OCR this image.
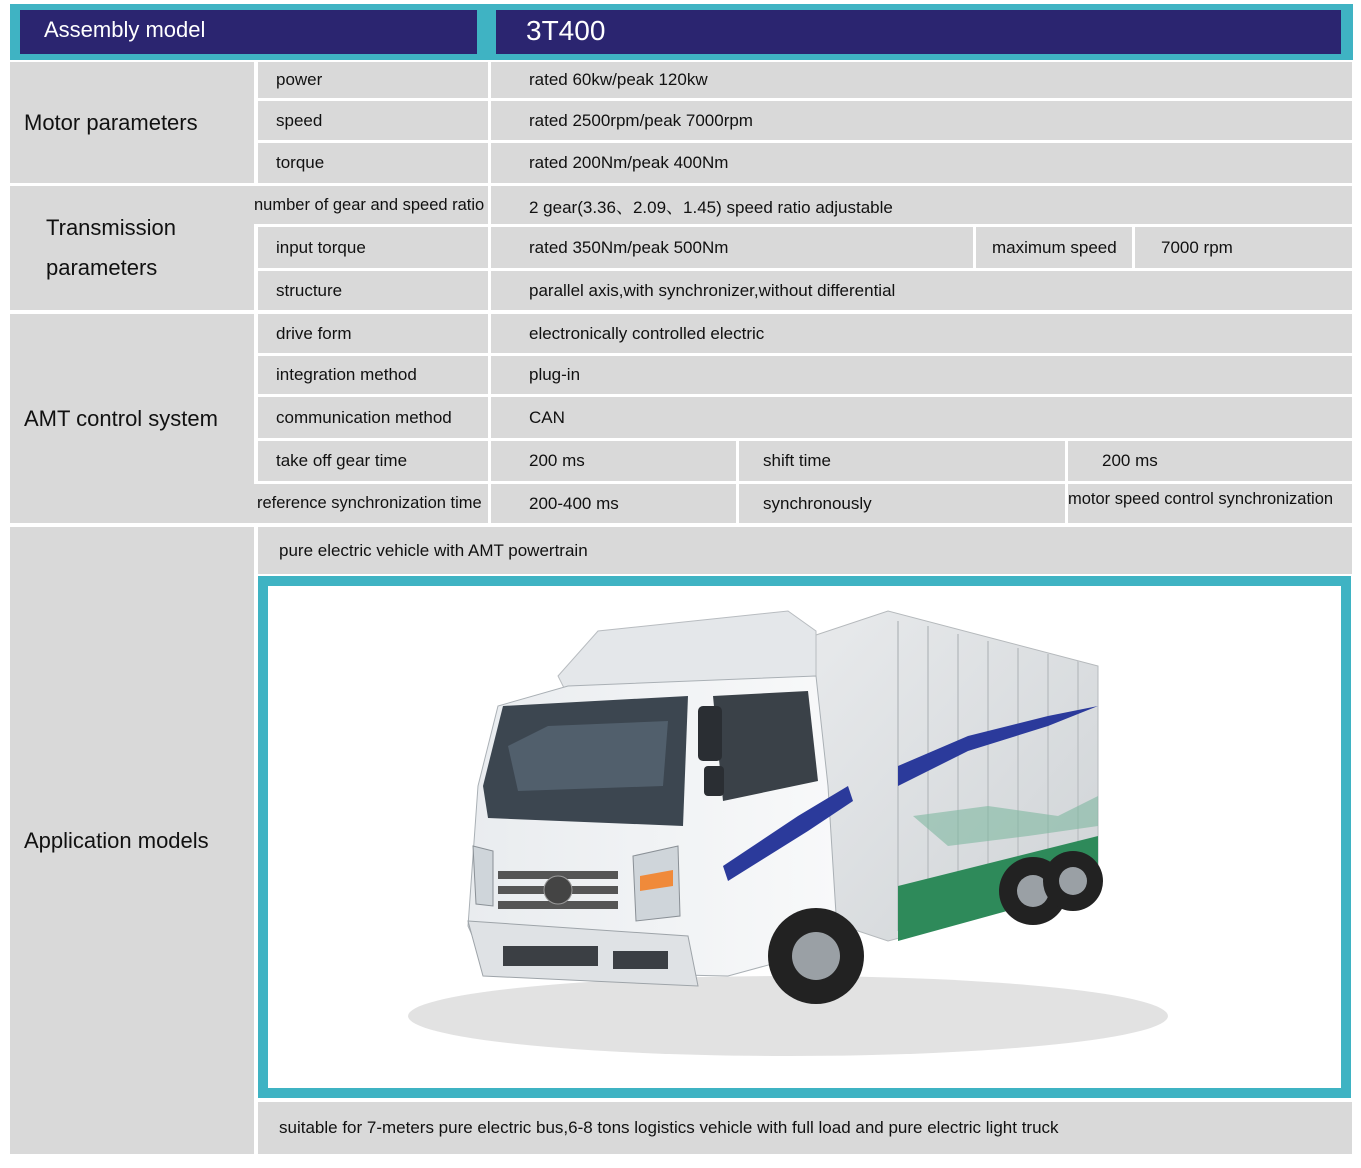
Assembly model	3T400
Motor parameters
power	rated 60kw/peak 120kw
speed	rated 2500rpm/peak 7000rpm
torque	rated 200Nm/peak 400Nm
Transmission
parameters
number of gear and speed ratio	2 gear(3.36、2.09、1.45) speed ratio adjustable
input torque	rated 350Nm/peak 500Nm	maximum speed	7000 rpm
structure	parallel axis,with synchronizer,without differential
AMT control system
drive form	electronically controlled electric
integration method	plug-in
communication method	CAN
take off gear time	200 ms	shift time	200 ms
reference synchronization time	200-400 ms	synchronously	motor speed control synchronization
Application models
pure electric vehicle with AMT powertrain
suitable for 7-meters pure electric bus,6-8 tons logistics vehicle with full load and pure electric light truck
